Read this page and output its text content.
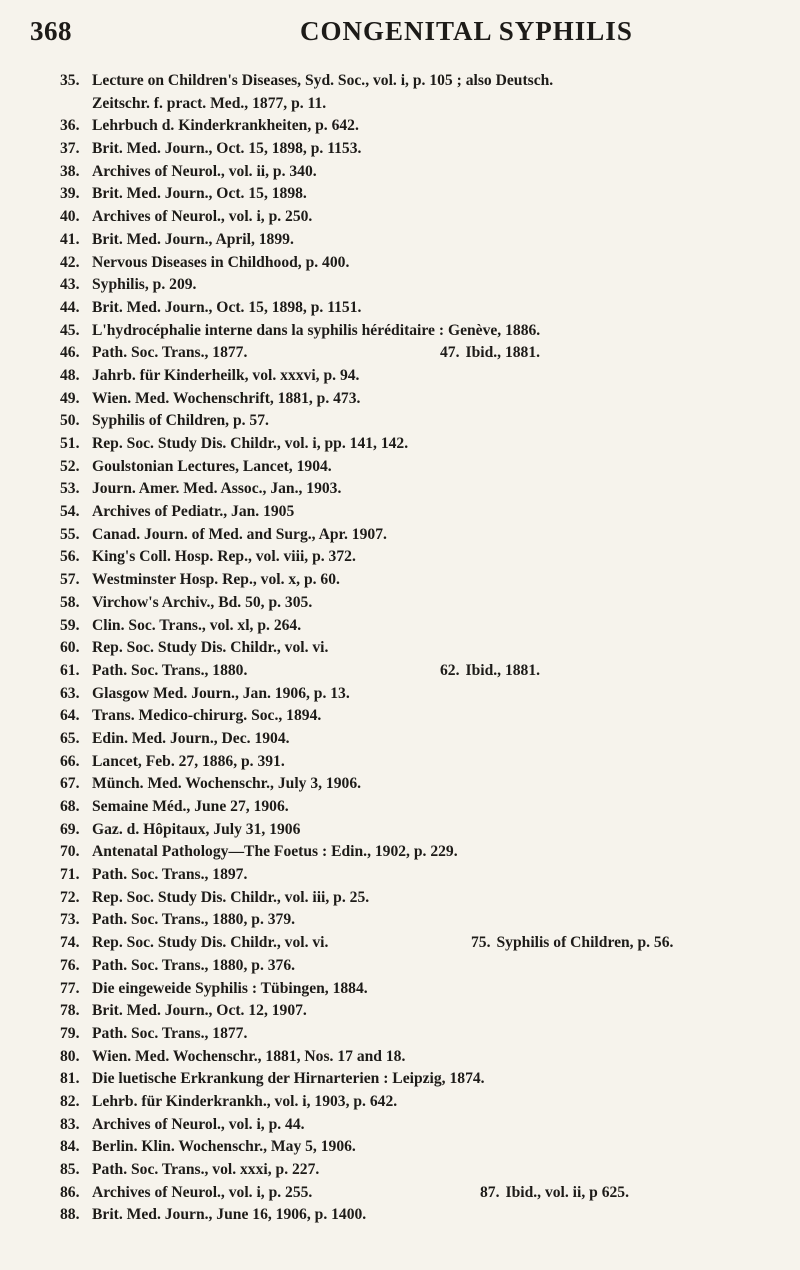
368	CONGENITAL SYPHILIS
35. Lecture on Children's Diseases, Syd. Soc., vol. i, p. 105 ; also Deutsch.
Zeitschr. f. pract. Med., 1877, p. 11.
36. Lehrbuch d. Kinderkrankheiten, p. 642.
37. Brit. Med. Journ., Oct. 15, 1898, p. 1153.
38. Archives of Neurol., vol. ii, p. 340.
39. Brit. Med. Journ., Oct. 15, 1898.
40. Archives of Neurol., vol. i, p. 250.
41. Brit. Med. Journ., April, 1899.
42. Nervous Diseases in Childhood, p. 400.
43. Syphilis, p. 209.
44. Brit. Med. Journ., Oct. 15, 1898, p. 1151.
45. L'hydrocéphalie interne dans la syphilis héréditaire : Genève, 1886.
46. Path. Soc. Trans., 1877.	47. Ibid., 1881.
48. Jahrb. für Kinderheilk, vol. xxxvi, p. 94.
49. Wien. Med. Wochenschrift, 1881, p. 473.
50. Syphilis of Children, p. 57.
51. Rep. Soc. Study Dis. Childr., vol. i, pp. 141, 142.
52. Goulstonian Lectures, Lancet, 1904.
53. Journ. Amer. Med. Assoc., Jan., 1903.
54. Archives of Pediatr., Jan. 1905
55. Canad. Journ. of Med. and Surg., Apr. 1907.
56. King's Coll. Hosp. Rep., vol. viii, p. 372.
57. Westminster Hosp. Rep., vol. x, p. 60.
58. Virchow's Archiv., Bd. 50, p. 305.
59. Clin. Soc. Trans., vol. xl, p. 264.
60. Rep. Soc. Study Dis. Childr., vol. vi.
61. Path. Soc. Trans., 1880.	62. Ibid., 1881.
63. Glasgow Med. Journ., Jan. 1906, p. 13.
64. Trans. Medico-chirurg. Soc., 1894.
65. Edin. Med. Journ., Dec. 1904.
66. Lancet, Feb. 27, 1886, p. 391.
67. Münch. Med. Wochenschr., July 3, 1906.
68. Semaine Méd., June 27, 1906.
69. Gaz. d. Hôpitaux, July 31, 1906
70. Antenatal Pathology—The Foetus : Edin., 1902, p. 229.
71. Path. Soc. Trans., 1897.
72. Rep. Soc. Study Dis. Childr., vol. iii, p. 25.
73. Path. Soc. Trans., 1880, p. 379.
74. Rep. Soc. Study Dis. Childr., vol. vi.	75. Syphilis of Children, p. 56.
76. Path. Soc. Trans., 1880, p. 376.
77. Die eingeweide Syphilis : Tübingen, 1884.
78. Brit. Med. Journ., Oct. 12, 1907.
79. Path. Soc. Trans., 1877.
80. Wien. Med. Wochenschr., 1881, Nos. 17 and 18.
81. Die luetische Erkrankung der Hirnarterien : Leipzig, 1874.
82. Lehrb. für Kinderkrankh., vol. i, 1903, p. 642.
83. Archives of Neurol., vol. i, p. 44.
84. Berlin. Klin. Wochenschr., May 5, 1906.
85. Path. Soc. Trans., vol. xxxi, p. 227.
86. Archives of Neurol., vol. i, p. 255.	87. Ibid., vol. ii, p 625.
88. Brit. Med. Journ., June 16, 1906, p. 1400.
